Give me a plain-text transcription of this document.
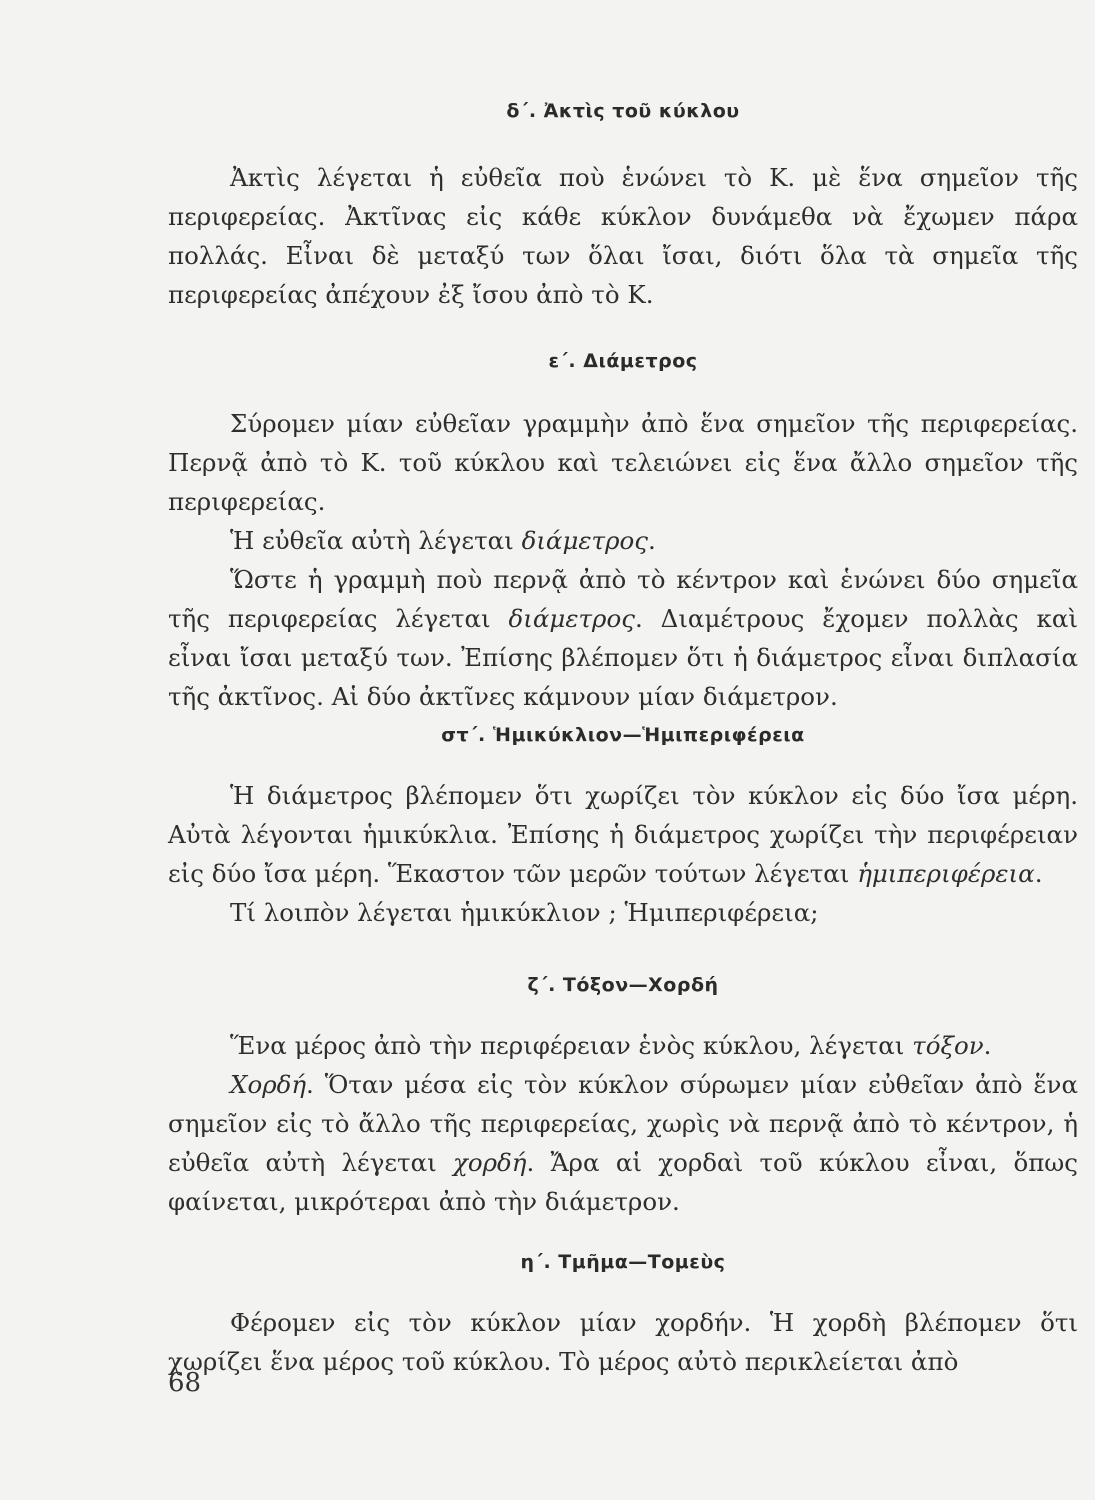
δ΄. Ἀκτὶς τοῦ κύκλου

Ἀκτὶς λέγεται ἡ εὐθεῖα ποὺ ἑνώνει τὸ Κ. μὲ ἕνα σημεῖον τῆς περιφερείας. Ἀκτῖνας εἰς κάθε κύκλον δυνάμεθα νὰ ἔχωμεν πάρα πολλάς. Εἶναι δὲ μεταξύ των ὅλαι ἴσαι, διότι ὅλα τὰ σημεῖα τῆς περιφερείας ἀπέχουν ἐξ ἴσου ἀπὸ τὸ Κ.

ε΄. Διάμετρος

Σύρομεν μίαν εὐθεῖαν γραμμὴν ἀπὸ ἕνα σημεῖον τῆς περιφερείας. Περνᾷ ἀπὸ τὸ Κ. τοῦ κύκλου καὶ τελειώνει εἰς ἕνα ἄλλο σημεῖον τῆς περιφερείας.

Ἡ εὐθεῖα αὐτὴ λέγεται διάμετρος.

Ὥστε ἡ γραμμὴ ποὺ περνᾷ ἀπὸ τὸ κέντρον καὶ ἑνώνει δύο σημεῖα τῆς περιφερείας λέγεται διάμετρος. Διαμέτρους ἔχομεν πολλὰς καὶ εἶναι ἴσαι μεταξύ των. Ἐπίσης βλέπομεν ὅτι ἡ διάμετρος εἶναι διπλασία τῆς ἀκτῖνος. Αἱ δύο ἀκτῖνες κάμνουν μίαν διάμετρον.

στ΄. Ἡμικύκλιον—Ἡμιπεριφέρεια

Ἡ διάμετρος βλέπομεν ὅτι χωρίζει τὸν κύκλον εἰς δύο ἴσα μέρη. Αὐτὰ λέγονται ἡμικύκλια. Ἐπίσης ἡ διάμετρος χωρίζει τὴν περιφέρειαν εἰς δύο ἴσα μέρη. Ἕκαστον τῶν μερῶν τούτων λέγεται ἡμιπεριφέρεια.

Τί λοιπὸν λέγεται ἡμικύκλιον ; Ἡμιπεριφέρεια;

ζ΄. Τόξον—Χορδή

Ἕνα μέρος ἀπὸ τὴν περιφέρειαν ἑνὸς κύκλου, λέγεται τόξον.

Χορδή. Ὅταν μέσα εἰς τὸν κύκλον σύρωμεν μίαν εὐθεῖαν ἀπὸ ἕνα σημεῖον εἰς τὸ ἄλλο τῆς περιφερείας, χωρὶς νὰ περνᾷ ἀπὸ τὸ κέντρον, ἡ εὐθεῖα αὐτὴ λέγεται χορδή. Ἄρα αἱ χορδαὶ τοῦ κύκλου εἶναι, ὅπως φαίνεται, μικρότεραι ἀπὸ τὴν διάμετρον.

η΄. Τμῆμα—Τομεὺς

Φέρομεν εἰς τὸν κύκλον μίαν χορδήν. Ἡ χορδὴ βλέπομεν ὅτι χωρίζει ἕνα μέρος τοῦ κύκλου. Τὸ μέρος αὐτὸ περικλείεται ἀπὸ

68
